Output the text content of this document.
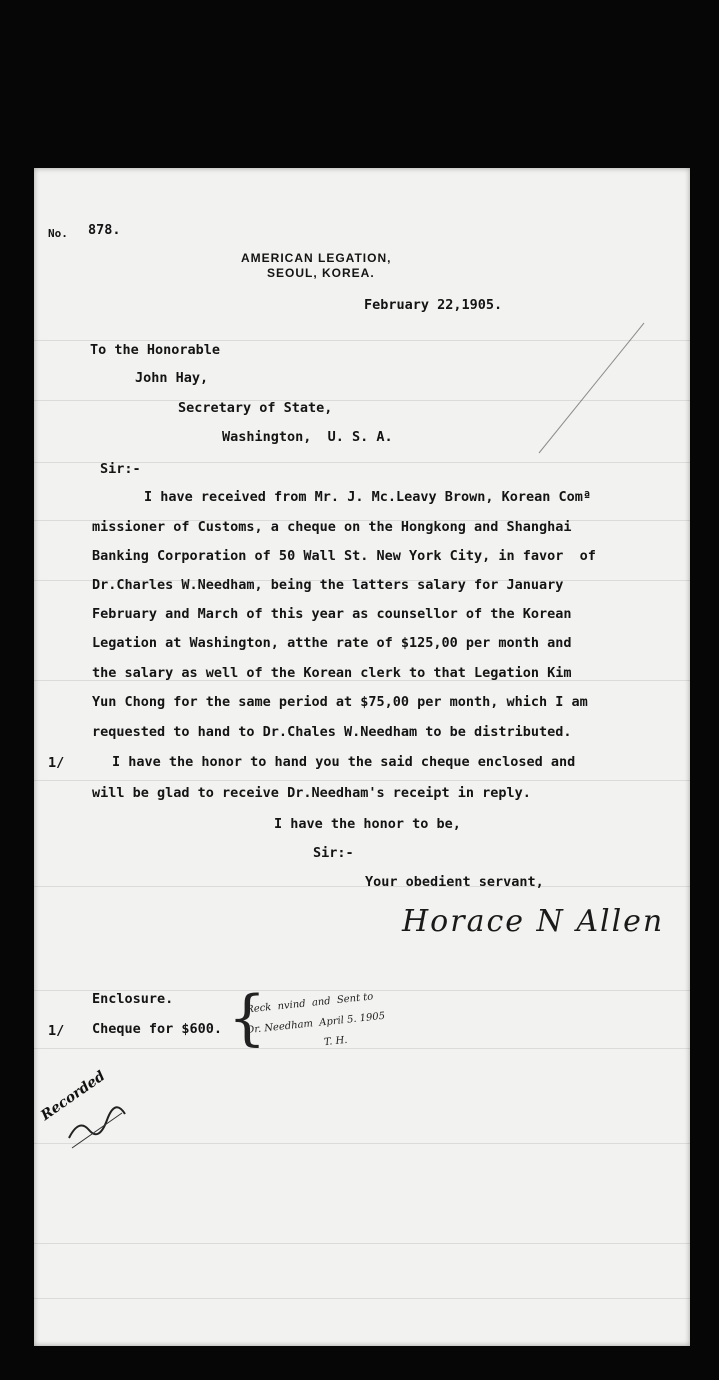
No. 878.
AMERICAN LEGATION,
SEOUL, KOREA.
February 22,1905.
To the Honorable
John Hay,
Secretary of State,
Washington,  U. S. A.
Sir:-
I have received from Mr. J. Mc.Leavy Brown, Korean Comª
missioner of Customs, a cheque on the Hongkong and Shanghai
Banking Corporation of 50 Wall St. New York City, in favor  of
Dr.Charles W.Needham, being the latters salary for January
February and March of this year as counsellor of the Korean
Legation at Washington, atthe rate of $125,00 per month and
the salary as well of the Korean clerk to that Legation Kim
Yun Chong for the same period at $75,00 per month, which I am
requested to hand to Dr.Chales W.Needham to be distributed.
1/	I have the honor to hand you the said cheque enclosed and
will be glad to receive Dr.Needham's receipt in reply.
I have the honor to be,
Sir:-
Your obedient servant,
Horace N Allen
Enclosure.
1/ Cheque for $600. {
Reck  nvind  and  Sent to
Dr. Needham  April 5. 1905
T. H.
Recorded
